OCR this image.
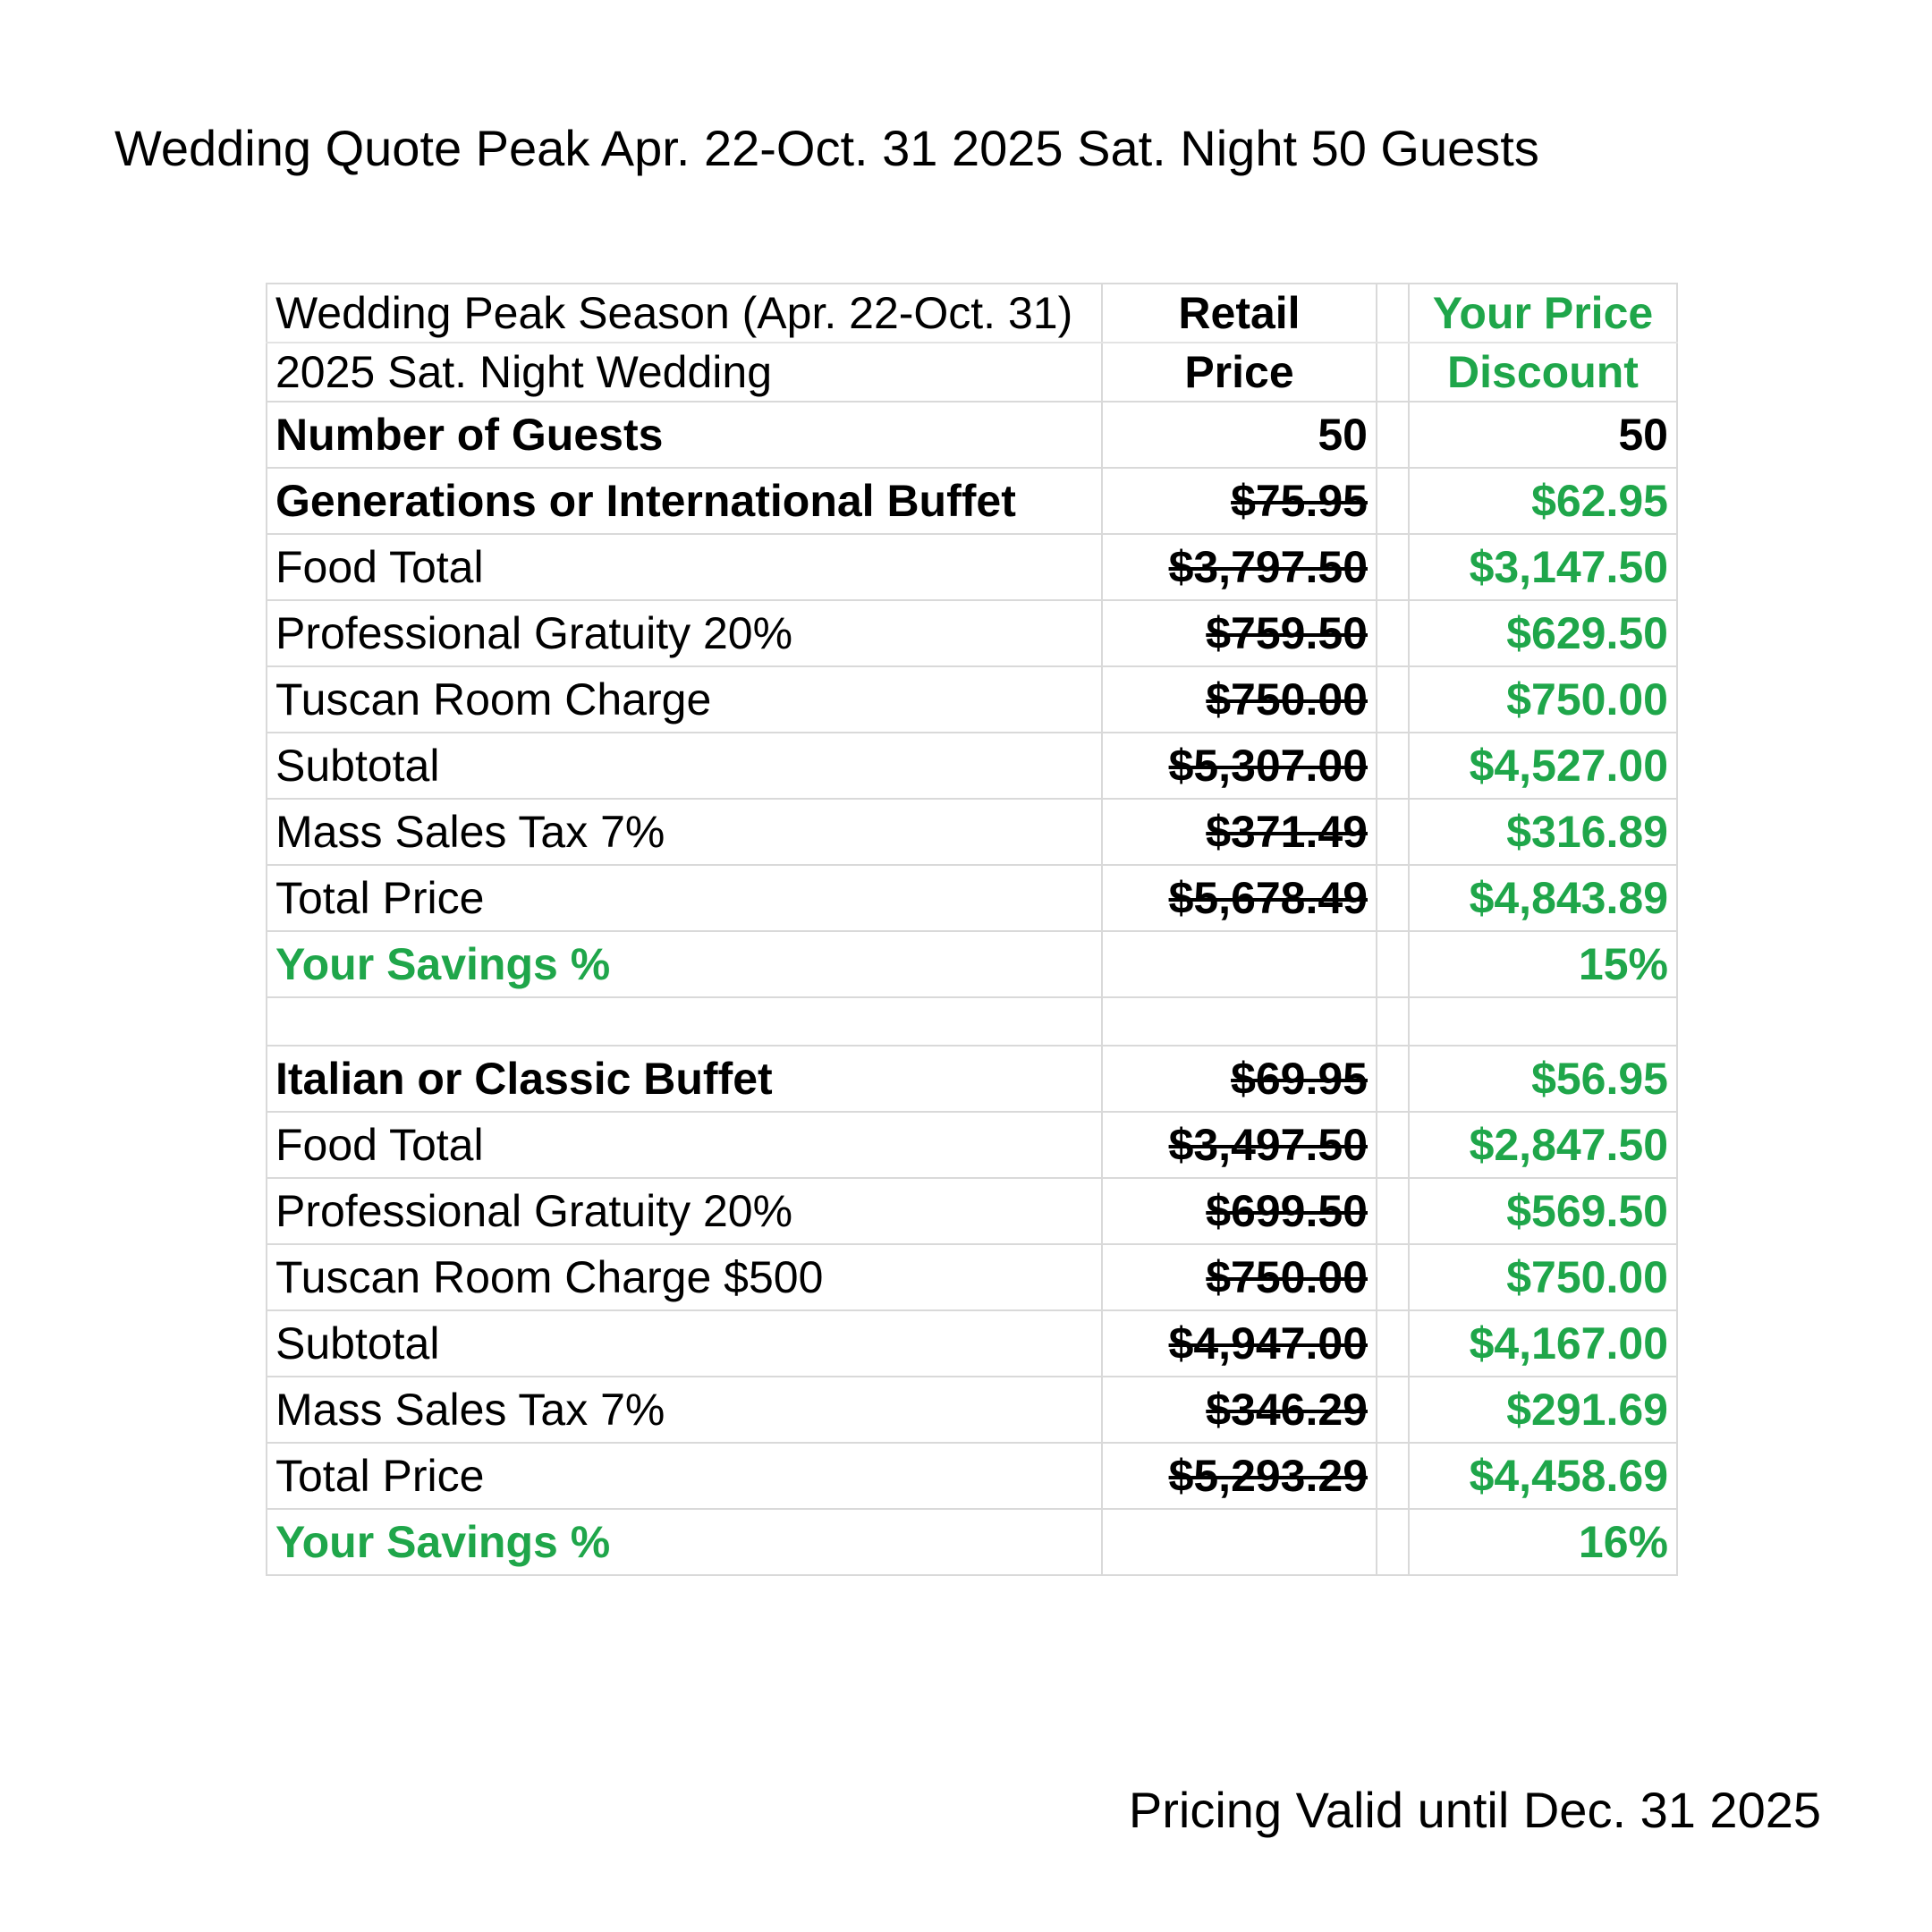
Wedding Quote Peak Apr. 22-Oct. 31 2025 Sat. Night 50 Guests
Wedding Peak Season (Apr. 22-Oct. 31)	Retail		Your Price
2025 Sat. Night Wedding	Price		Discount
Number of Guests	50		50
Generations or International Buffet	$75.95		$62.95
Food Total	$3,797.50		$3,147.50
Professional Gratuity 20%	$759.50		$629.50
Tuscan Room Charge	$750.00		$750.00
Subtotal	$5,307.00		$4,527.00
Mass Sales Tax 7%	$371.49		$316.89
Total Price	$5,678.49		$4,843.89
Your Savings %			15%

Italian or Classic Buffet	$69.95		$56.95
Food Total	$3,497.50		$2,847.50
Professional Gratuity 20%	$699.50		$569.50
Tuscan Room Charge $500	$750.00		$750.00
Subtotal	$4,947.00		$4,167.00
Mass Sales Tax 7%	$346.29		$291.69
Total Price	$5,293.29		$4,458.69
Your Savings %			16%
Pricing Valid until Dec. 31 2025
